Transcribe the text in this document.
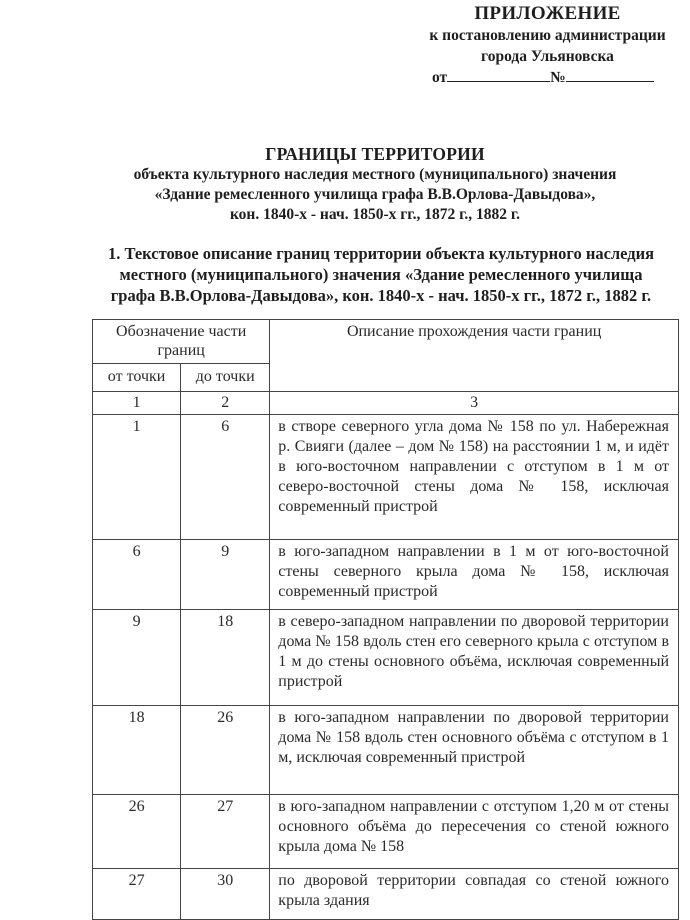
ПРИЛОЖЕНИЕ
к постановлению администрации
города Ульяновска
от	№
ГРАНИЦЫ ТЕРРИТОРИИ
объекта культурного наследия местного (муниципального) значения
«Здание ремесленного училища графа В.В.Орлова-Давыдова»,
кон. 1840-х - нач. 1850-х гг., 1872 г., 1882 г.
1. Текстовое описание границ территории объекта культурного наследия
местного (муниципального) значения «Здание ремесленного училища
графа В.В.Орлова-Давыдова», кон. 1840-х - нач. 1850-х гг., 1872 г., 1882 г.
Обозначение части границ		Описание прохождения части границ
от точки	до точки	
1	2	3
1	6	в створе северного угла дома № 158 по ул. Набережная р. Свияги (далее – дом № 158) на расстоянии 1 м, и идёт в юго-восточном направлении с отступом в 1 м от северо-восточной стены дома № 158, исключая современный пристрой
6	9	в юго-западном направлении в 1 м от юго-восточной стены северного крыла дома № 158, исключая современный пристрой
9	18	в северо-западном направлении по дворовой территории дома № 158 вдоль стен его северного крыла с отступом в 1 м до стены основного объёма, исключая современный пристрой
18	26	в юго-западном направлении по дворовой территории дома № 158 вдоль стен основного объёма с отступом в 1 м, исключая современный пристрой
26	27	в юго-западном направлении с отступом 1,20 м от стены основного объёма до пересечения со стеной южного крыла дома № 158
27	30	по дворовой территории совпадая со стеной южного крыла здания
